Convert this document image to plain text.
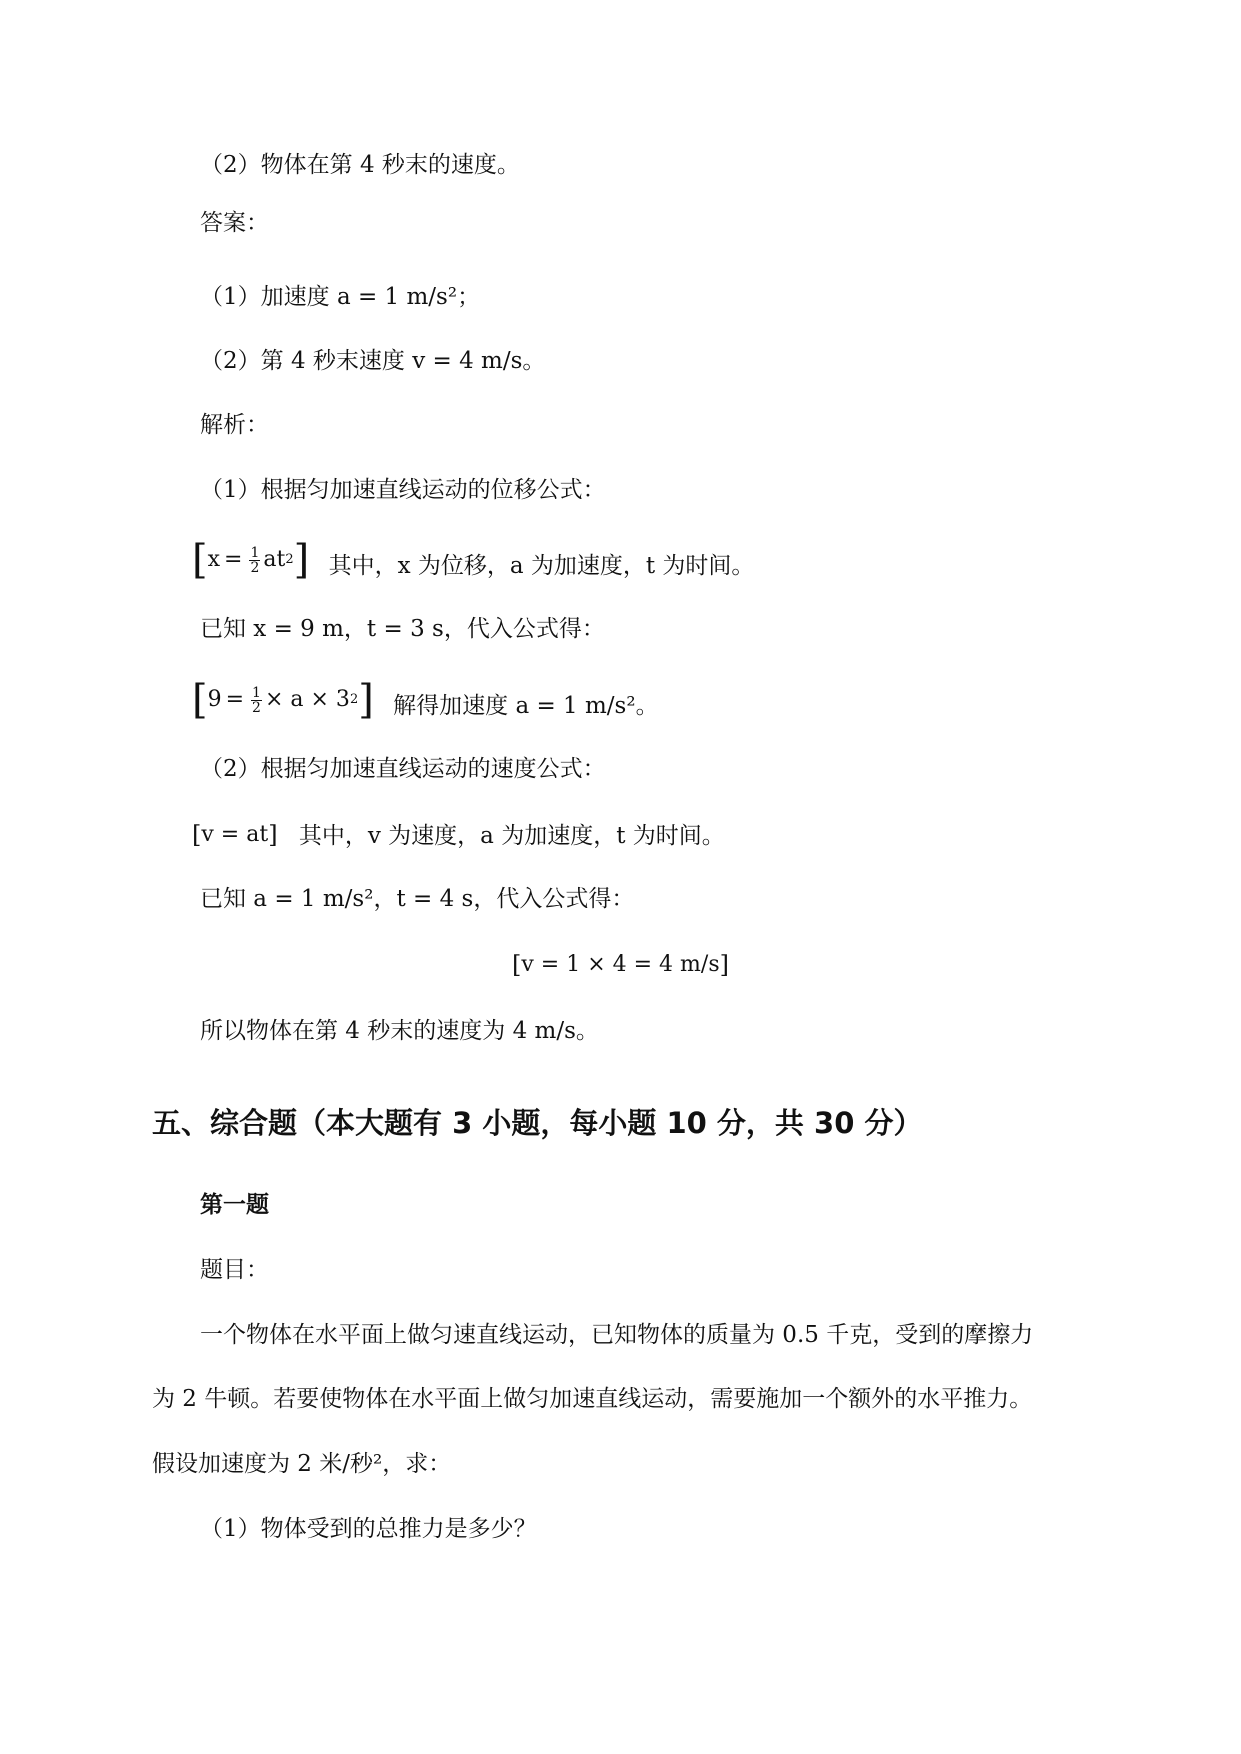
（2）物体在第 4 秒末的速度。
答案：
（1）加速度 a = 1 m/s²；
（2）第 4 秒末速度 v = 4 m/s。
解析：
（1）根据匀加速直线运动的位移公式：
[ $x = \frac{1}{2}$ at 2 ] 其中，x 为位移，a 为加速度，t 为时间。
已知 x = 9 m，t = 3 s，代入公式得：
[ $9 = \frac{1}{2} \times a \times 3$ 2 ] 解得加速度 a = 1 m/s²。
（2）根据匀加速直线运动的速度公式：
[ v = at ] 其中，v 为速度，a 为加速度，t 为时间。
已知 a = 1 m/s²，t = 4 s，代入公式得：
[ v = 1 × 4 = 4 m/s ]
所以物体在第 4 秒末的速度为 4 m/s。
五、综合题（本大题有 3 小题，每小题 10 分，共 30 分）
第一题
题目：
一个物体在水平面上做匀速直线运动，已知物体的质量为 0.5 千克，受到的摩擦力
为 2 牛顿。若要使物体在水平面上做匀加速直线运动，需要施加一个额外的水平推力。
假设加速度为 2 米/秒²，求：
（1）物体受到的总推力是多少？
